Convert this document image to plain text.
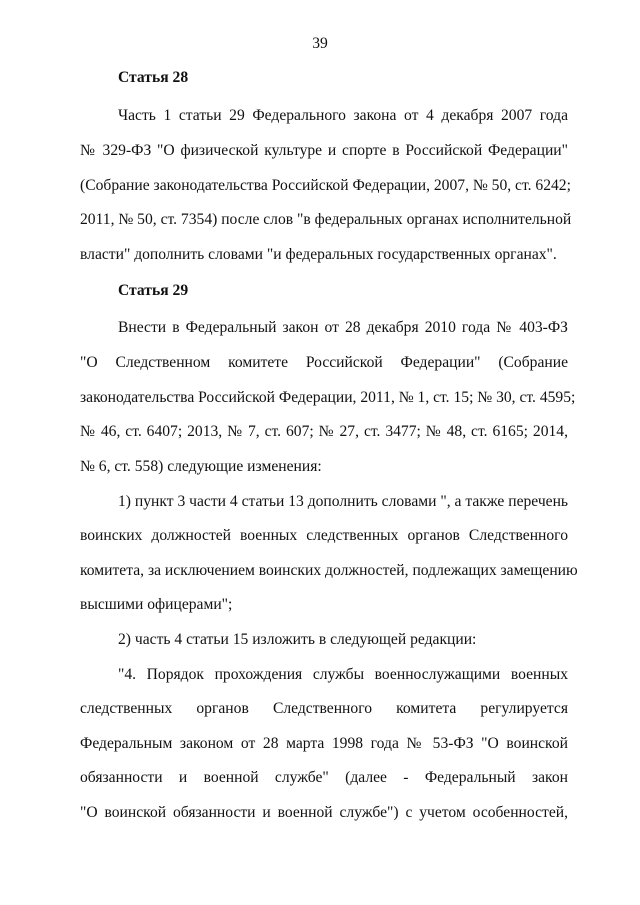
39
Статья 28
Часть 1 статьи 29 Федерального закона от 4 декабря 2007 года
№ 329-ФЗ "О физической культуре и спорте в Российской Федерации"
(Собрание законодательства Российской Федерации, 2007, № 50, ст. 6242;
2011, № 50, ст. 7354) после слов "в федеральных органах исполнительной
власти" дополнить словами "и федеральных государственных органах".
Статья 29
Внести в Федеральный закон от 28 декабря 2010 года № 403-ФЗ
"О Следственном комитете Российской Федерации" (Собрание
законодательства Российской Федерации, 2011, № 1, ст. 15; № 30, ст. 4595;
№ 46, ст. 6407; 2013, № 7, ст. 607; № 27, ст. 3477; № 48, ст. 6165; 2014,
№ 6, ст. 558) следующие изменения:
1) пункт 3 части 4 статьи 13 дополнить словами ", а также перечень
воинских должностей военных следственных органов Следственного
комитета, за исключением воинских должностей, подлежащих замещению
высшими офицерами";
2) часть 4 статьи 15 изложить в следующей редакции:
"4. Порядок прохождения службы военнослужащими военных
следственных органов Следственного комитета регулируется
Федеральным законом от 28 марта 1998 года № 53-ФЗ "О воинской
обязанности и военной службе" (далее - Федеральный закон
"О воинской обязанности и военной службе") с учетом особенностей,
